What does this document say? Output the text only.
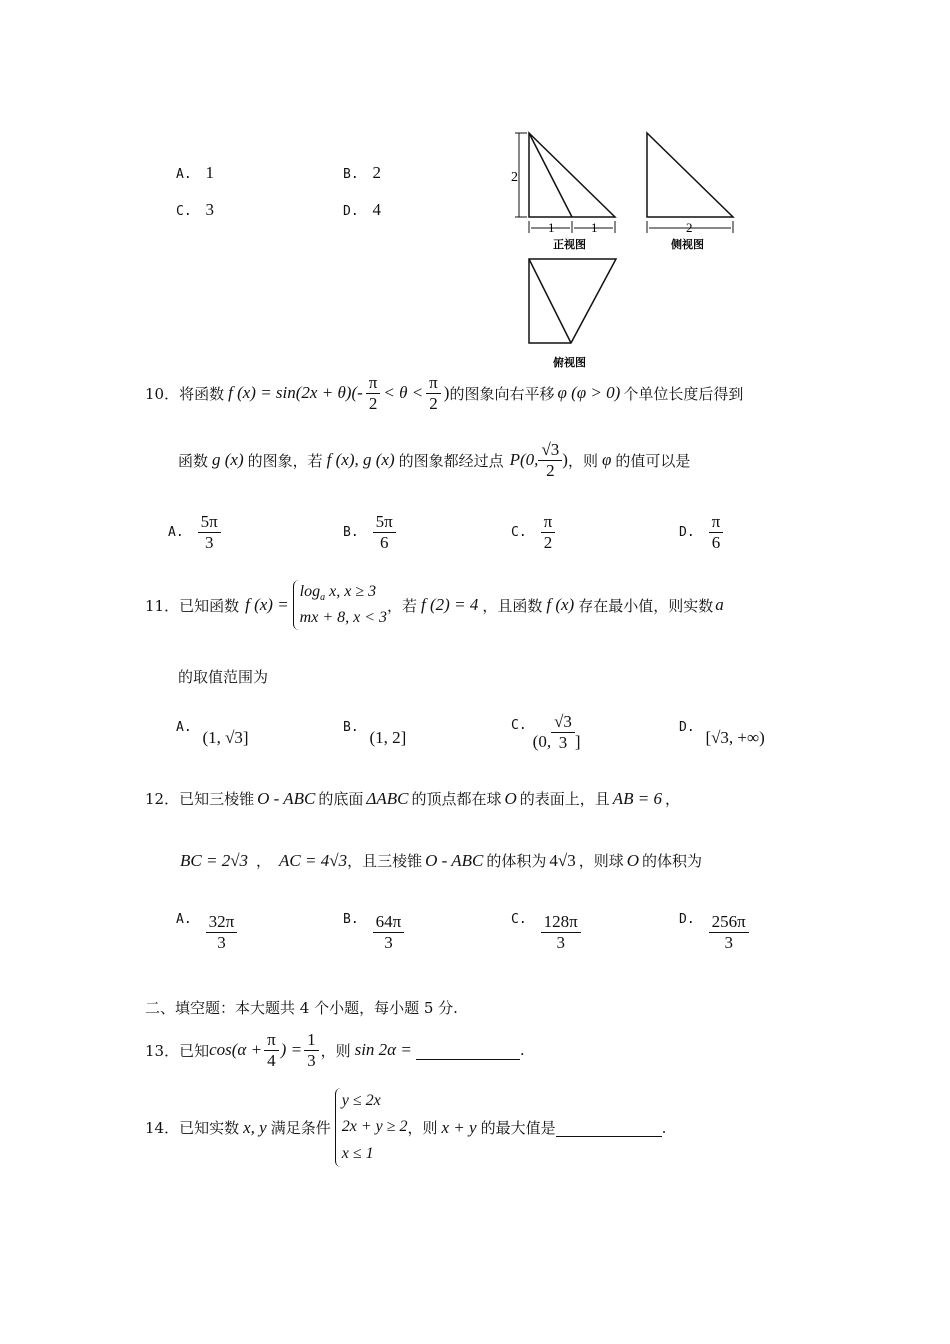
A. 1	B. 2
C. 3	D. 4
2
1	1	2
正视图	侧视图
俯视图
10． 将函数 f $(x) = \sin(2x + \theta)(- \frac{\pi}{2} < \theta < \frac{\pi}{2}$ ) 的图象向右平移 φ (φ > 0) 个单位长度后得到
函数 g (x) 的图象，若 f (x), g (x) 的图象都经过点 P(0, $\frac{√3}{2}$ ) ，则 φ 的值可以是
A. $\frac{5\pi}{3}$	B. $\frac{5\pi}{6}$	C. $\frac{\pi}{2}$	D. $\frac{\pi}{6}$
11． 已知函数 f (x) =
$\log_a x$, x ≥ 3
mx + 8, x < 3
，若 f (2) = 4 ，且函数 f (x) 存在最小值，则实数 a
的取值范围为
A. (1, √3]
B. (1, 2]
C.
(0, $\frac{√3}{3}$ ]
D. [√3, +∞)
12． 已知三棱锥 O - ABC 的底面 ΔABC 的顶点都在球 O 的表面上，且 AB = 6 ，
BC = 2√3 ， AC = 4√3 ，且三棱锥 O - ABC 的体积为 4√3 ，则球 O 的体积为
A. $\frac{32\pi}{3}$	B. $\frac{64\pi}{3}$	C. $\frac{128\pi}{3}$	D. $\frac{256\pi}{3}$
二、填空题：本大题共 4 个小题，每小题 5 分.
13． 已知 $\cos(\alpha + \frac{\pi}{4}$ ) = $\frac{1}{3}$ ，则 sin 2α =	.
14． 已知实数 x, y 满足条件
y ≤ 2x
2x + y ≥ 2
x ≤ 1
，则 x + y 的最大值是	.
